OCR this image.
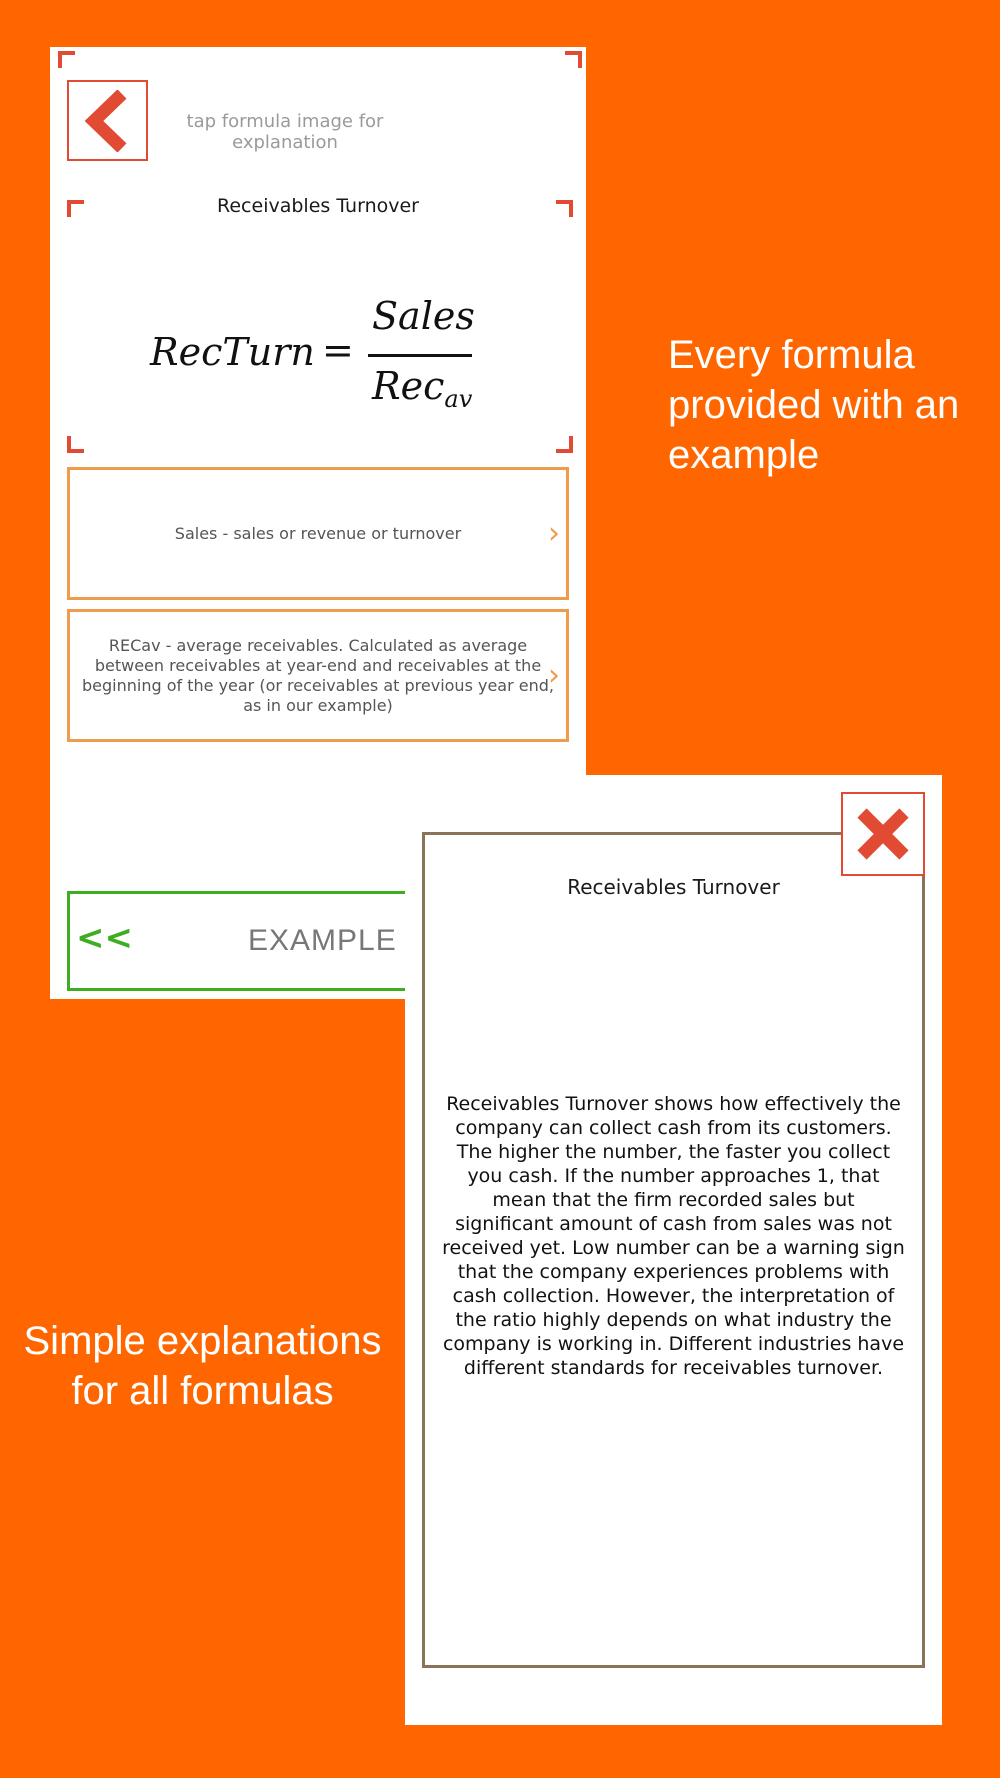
Every formula provided with an example
Simple explanations for all formulas
tap formula image for explanation
Receivables Turnover
RecTurn =
Sales
Rec$_{av}$
Sales - sales or revenue or turnover	›
RECav - average receivables. Calculated as average between receivables at year-end and receivables at the beginning of the year (or receivables at previous year end, as in our example)
›
<<	EXAMPLE
Receivables Turnover
Receivables Turnover shows how effectively the company can collect cash from its customers. The higher the number, the faster you collect you cash. If the number approaches 1, that mean that the firm recorded sales but significant amount of cash from sales was not received yet. Low number can be a warning sign that the company experiences problems with cash collection. However, the interpretation of the ratio highly depends on what industry the company is working in. Different industries have different standards for receivables turnover.
